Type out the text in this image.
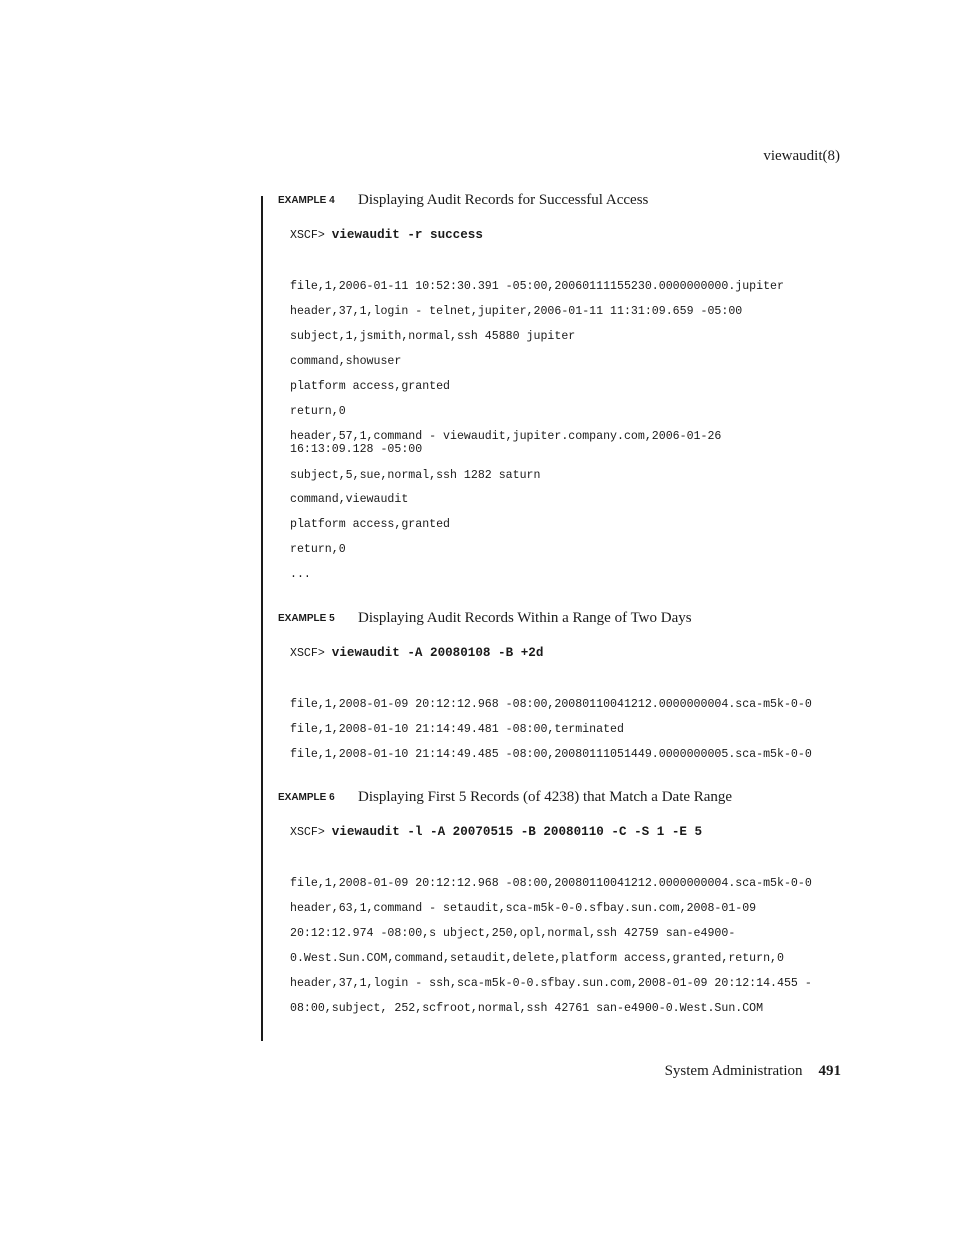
viewaudit(8)
EXAMPLE 4 Displaying Audit Records for Successful Access
XSCF> viewaudit -r success
file,1,2006-01-11 10:52:30.391 -05:00,20060111155230.0000000000.jupiter
header,37,1,login - telnet,jupiter,2006-01-11 11:31:09.659 -05:00
subject,1,jsmith,normal,ssh 45880 jupiter
command,showuser
platform access,granted
return,0
header,57,1,command - viewaudit,jupiter.company.com,2006-01-26
16:13:09.128 -05:00
subject,5,sue,normal,ssh 1282 saturn
command,viewaudit
platform access,granted
return,0
...
EXAMPLE 5 Displaying Audit Records Within a Range of Two Days
XSCF> viewaudit -A 20080108 -B +2d
file,1,2008-01-09 20:12:12.968 -08:00,20080110041212.0000000004.sca-m5k-0-0
file,1,2008-01-10 21:14:49.481 -08:00,terminated
file,1,2008-01-10 21:14:49.485 -08:00,20080111051449.0000000005.sca-m5k-0-0
EXAMPLE 6 Displaying First 5 Records (of 4238) that Match a Date Range
XSCF> viewaudit -l -A 20070515 -B 20080110 -C -S 1 -E 5
file,1,2008-01-09 20:12:12.968 -08:00,20080110041212.0000000004.sca-m5k-0-0
header,63,1,command - setaudit,sca-m5k-0-0.sfbay.sun.com,2008-01-09
20:12:12.974 -08:00,s ubject,250,opl,normal,ssh 42759 san-e4900-
0.West.Sun.COM,command,setaudit,delete,platform access,granted,return,0
header,37,1,login - ssh,sca-m5k-0-0.sfbay.sun.com,2008-01-09 20:12:14.455 -
08:00,subject, 252,scfroot,normal,ssh 42761 san-e4900-0.West.Sun.COM
System Administration 491
